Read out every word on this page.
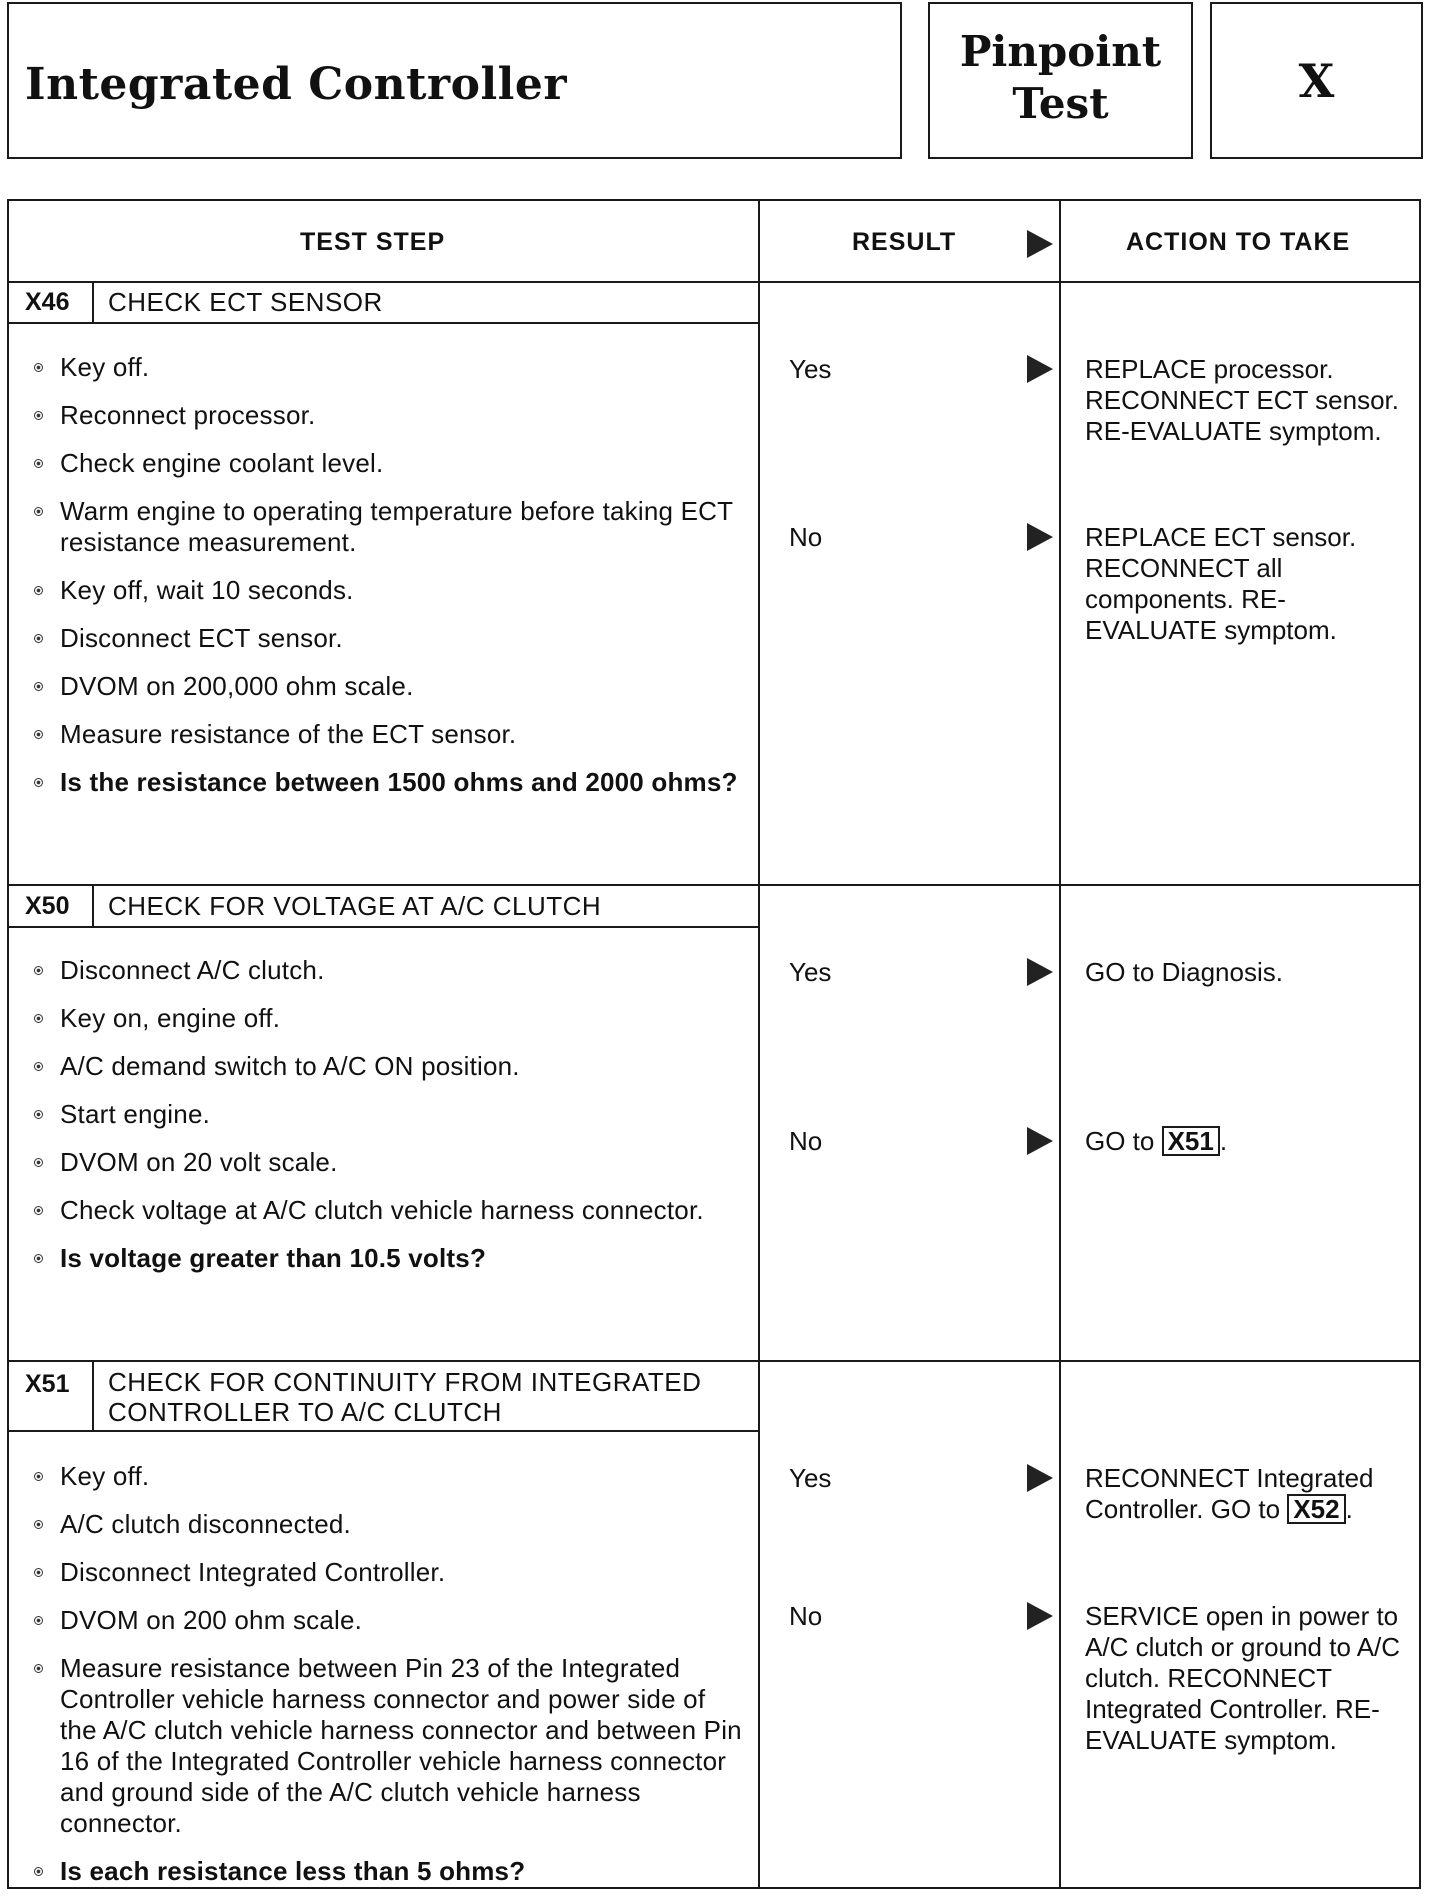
Integrated Controller
Pinpoint
Test	X
TEST STEP	RESULT	ACTION TO TAKE
X46 CHECK ECT SENSOR
Key off.
Reconnect processor.
Check engine coolant level.
Warm engine to operating temperature before taking ECT resistance measurement.
Key off, wait 10 seconds.
Disconnect ECT sensor.
DVOM on 200,000 ohm scale.
Measure resistance of the ECT sensor.
Is the resistance between 1500 ohms and 2000 ohms?
Yes	REPLACE processor. RECONNECT ECT sensor. RE-EVALUATE symptom.
No	REPLACE ECT sensor. RECONNECT all components. RE-EVALUATE symptom.
X50 CHECK FOR VOLTAGE AT A/C CLUTCH
Disconnect A/C clutch.
Key on, engine off.
A/C demand switch to A/C ON position.
Start engine.
DVOM on 20 volt scale.
Check voltage at A/C clutch vehicle harness connector.
Is voltage greater than 10.5 volts?
Yes	GO to Diagnosis.
No	GO to X51 .
X51 CHECK FOR CONTINUITY FROM INTEGRATED
CONTROLLER TO A/C CLUTCH
Key off.
A/C clutch disconnected.
Disconnect Integrated Controller.
DVOM on 200 ohm scale.
Measure resistance between Pin 23 of the Integrated Controller vehicle harness connector and power side of the A/C clutch vehicle harness connector and between Pin 16 of the Integrated Controller vehicle harness connector and ground side of the A/C clutch vehicle harness connector.
Is each resistance less than 5 ohms?
Yes	RECONNECT Integrated Controller. GO to X52 .
No	SERVICE open in power to A/C clutch or ground to A/C clutch. RECONNECT Integrated Controller. RE-EVALUATE symptom.
